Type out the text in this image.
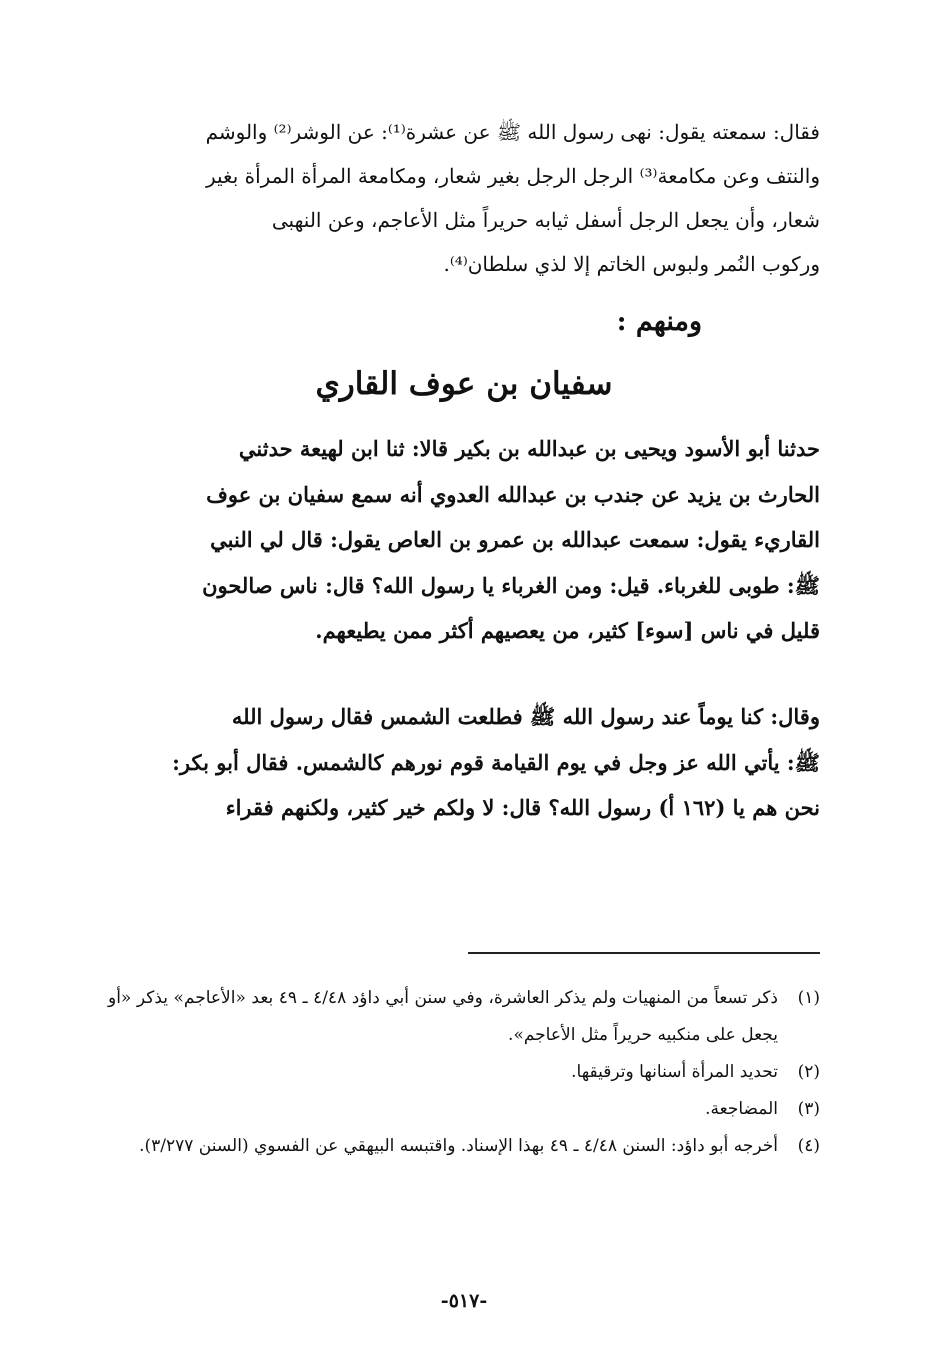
فقال: سمعته يقول: نهى رسول الله ﷺ عن عشرة⁽¹⁾: عن الوشر⁽²⁾ والوشم
والنتف وعن مكامعة⁽³⁾ الرجل الرجل بغير شعار، ومكامعة المرأة المرأة بغير
شعار، وأن يجعل الرجل أسفل ثيابه حريراً مثل الأعاجم، وعن النهبى
وركوب النُمر ولبوس الخاتم إلا لذي سلطان⁽⁴⁾.
ومنهم :
سفيان بن عوف القاري
حدثنا أبو الأسود ويحيى بن عبدالله بن بكير قالا: ثنا ابن لهيعة حدثني
الحارث بن يزيد عن جندب بن عبدالله العدوي أنه سمع سفيان بن عوف
القاريء يقول: سمعت عبدالله بن عمرو بن العاص يقول: قال لي النبي
ﷺ: طوبى للغرباء. قيل: ومن الغرباء يا رسول الله؟ قال: ناس صالحون
قليل في ناس [سوء] كثير، من يعصيهم أكثر ممن يطيعهم.
وقال: كنا يوماً عند رسول الله ﷺ فطلعت الشمس فقال رسول الله
ﷺ: يأتي الله عز وجل في يوم القيامة قوم نورهم كالشمس. فقال أبو بكر:
نحن هم يا (١٦٢ أ) رسول الله؟ قال: لا ولكم خير كثير، ولكنهم فقراء
(١)
ذكر تسعاً من المنهيات ولم يذكر العاشرة، وفي سنن أبي داؤد ٤/٤٨ ـ ٤٩ بعد «الأعاجم» يذكر «أو يجعل على منكبيه حريراً مثل الأعاجم».
(٢)
تحديد المرأة أسنانها وترقيقها.
(٣)
المضاجعة.
(٤)
أخرجه أبو داؤد: السنن ٤/٤٨ ـ ٤٩ بهذا الإسناد. واقتبسه البيهقي عن الفسوي (السنن ٣/٢٧٧).
-٥١٧-
